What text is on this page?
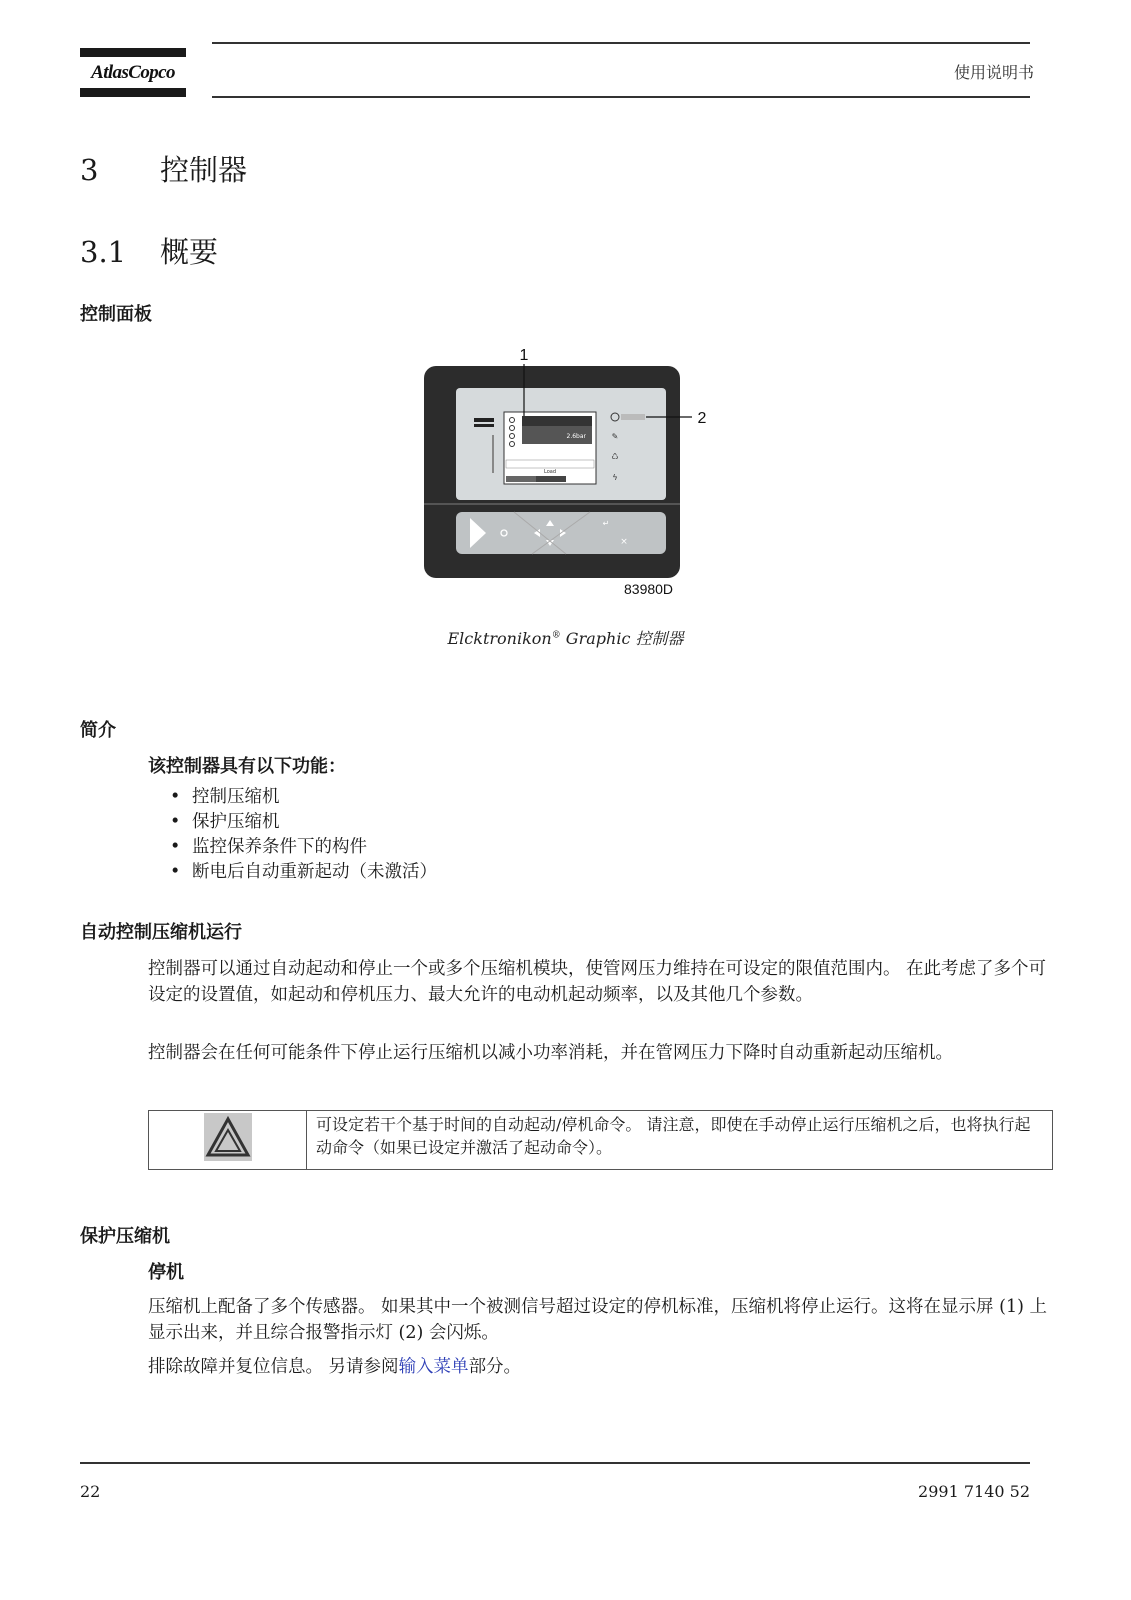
AtlasCopco	使用说明书
3 控制器
3.1 概要
控制面板
2.6bar
Load
✎
♺
ϟ
↵
×
1
2
83980D
Elcktronikon® Graphic 控制器
简介
该控制器具有以下功能：
• 控制压缩机
• 保护压缩机
• 监控保养条件下的构件
• 断电后自动重新起动（未激活）
自动控制压缩机运行
控制器可以通过自动起动和停止一个或多个压缩机模块，使管网压力维持在可设定的限值范围内。 在此考虑了多个可设定的设置值，如起动和停机压力、最大允许的电动机起动频率，以及其他几个参数。
控制器会在任何可能条件下停止运行压缩机以减小功率消耗，并在管网压力下降时自动重新起动压缩机。
可设定若干个基于时间的自动起动/停机命令。 请注意，即使在手动停止运行压缩机之后，也将执行起动命令（如果已设定并激活了起动命令）。
保护压缩机
停机
压缩机上配备了多个传感器。 如果其中一个被测信号超过设定的停机标准，压缩机将停止运行。这将在显示屏 (1) 上显示出来，并且综合报警指示灯 (2) 会闪烁。
排除故障并复位信息。 另请参阅输入菜单部分。
22	2991 7140 52
